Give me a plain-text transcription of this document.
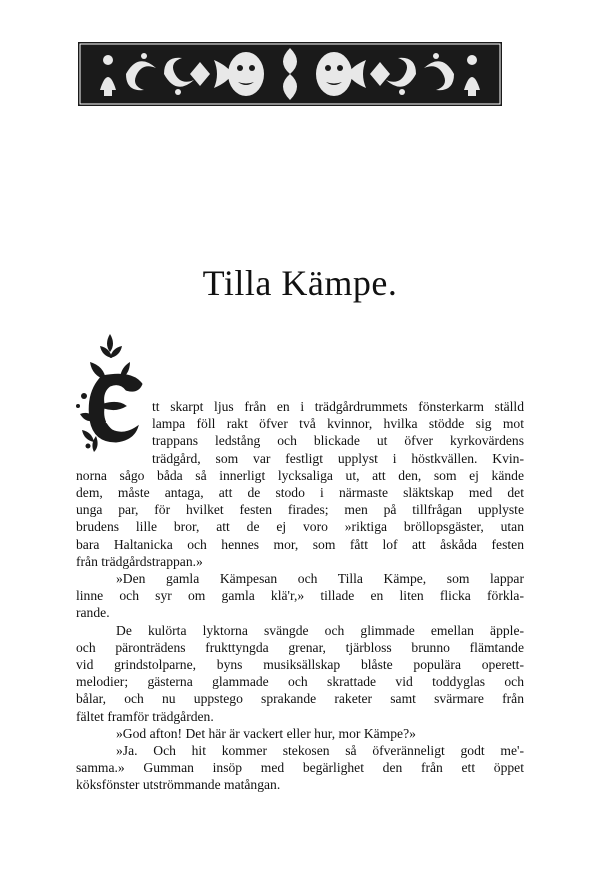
Tilla Kämpe.
E

tt skarpt ljus från en i trädgårdrummets fönsterkarm ställd
lampa föll rakt öfver två kvinnor, hvilka stödde sig mot
trappans ledstång och blickade ut öfver kyrkovärdens
trädgård, som var festligt upplyst i höstkvällen. Kvin-
norna sågo båda så innerligt lycksaliga ut, att den, som ej kände
dem, måste antaga, att de stodo i närmaste släktskap med det
unga par, för hvilket festen firades; men på tillfrågan upplyste
brudens lille bror, att de ej voro »riktiga bröllopsgäster, utan
bara Haltanicka och hennes mor, som fått lof att åskåda festen
från trädgårdstrappan.»

»Den gamla Kämpesan och Tilla Kämpe, som lappar
linne och syr om gamla klä'r,» tillade en liten flicka förkla-
rande.

De kulörta lyktorna svängde och glimmade emellan äpple-
och päronträdens frukttyngda grenar, tjärbloss brunno flämtande
vid grindstolparne, byns musiksällskap blåste populära operett-
melodier; gästerna glammade och skrattade vid toddyglas och
bålar, och nu uppstego sprakande raketer samt svärmare från
fältet framför trädgården.

»God afton! Det här är vackert eller hur, mor Kämpe?»

»Ja. Och hit kommer stekosen så öfveränneligt godt me'-
samma.» Gumman insöp med begärlighet den från ett öppet
köksfönster utströmmande matångan.
